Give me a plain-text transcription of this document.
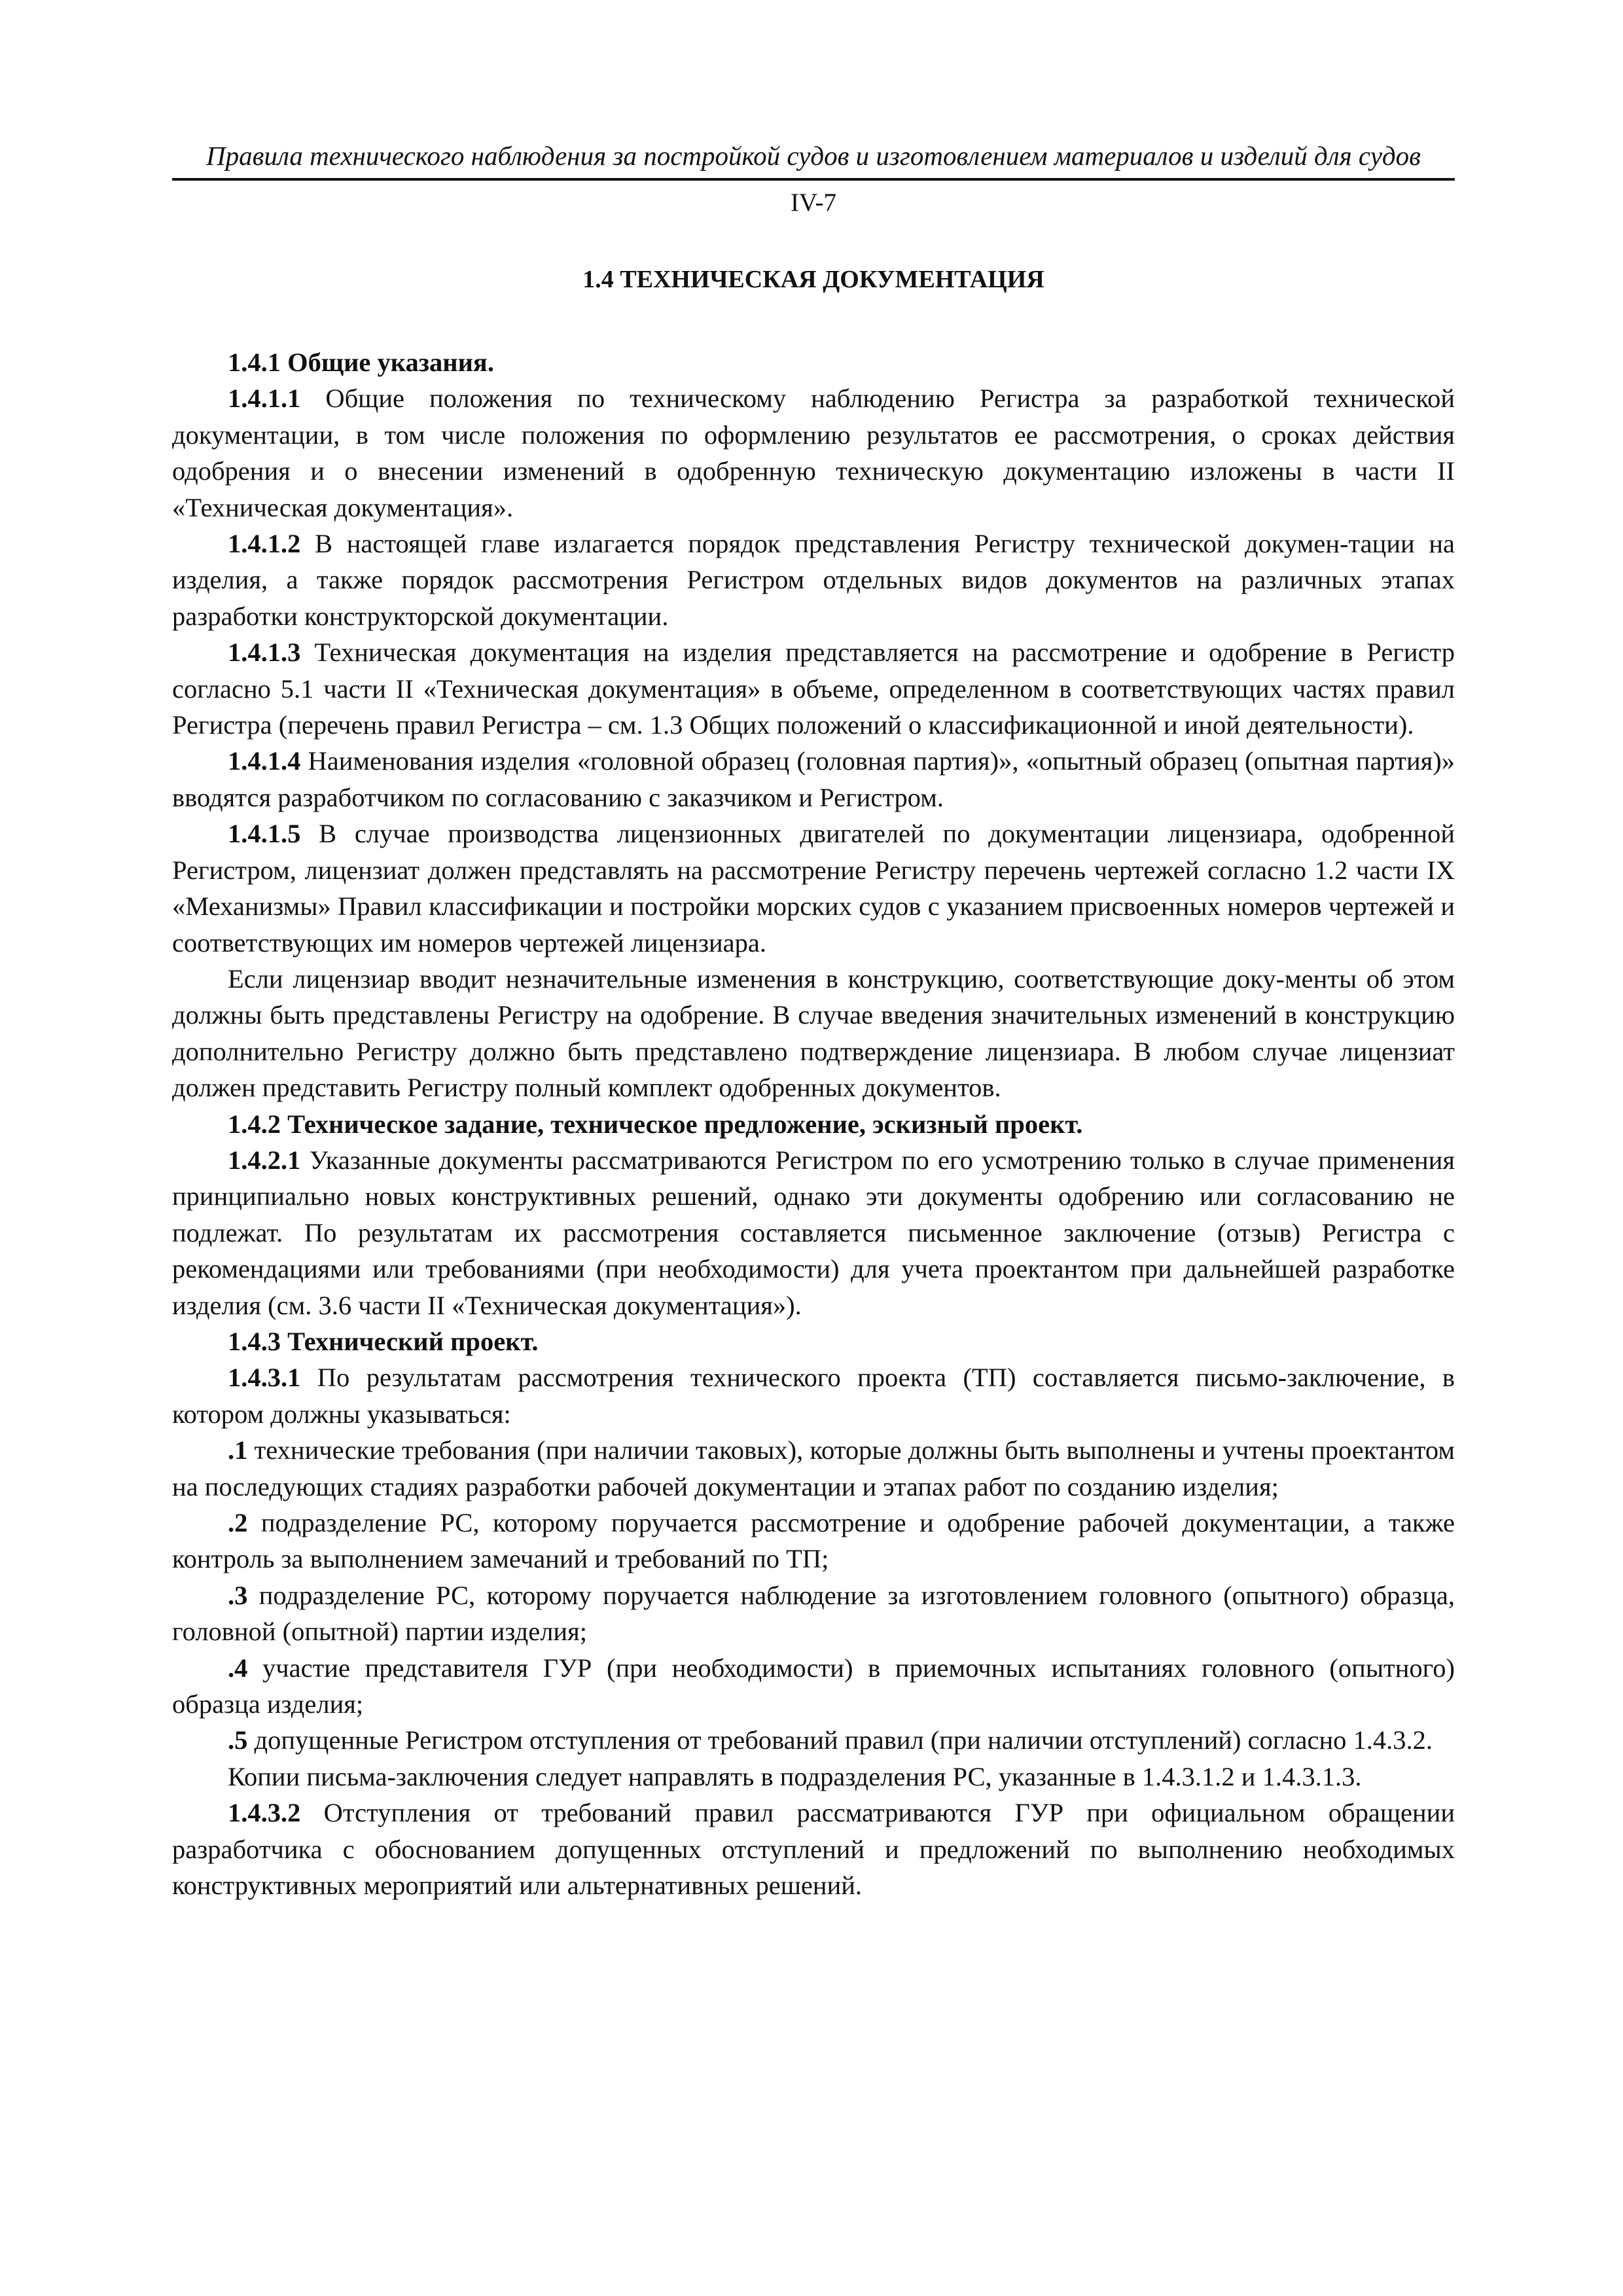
Правила технического наблюдения за постройкой судов и изготовлением материалов и изделий для судов
IV-7
1.4 ТЕХНИЧЕСКАЯ ДОКУМЕНТАЦИЯ

1.4.1 Общие указания.

1.4.1.1 Общие положения по техническому наблюдению Регистра за разработкой технической документации, в том числе положения по оформлению результатов ее рассмотрения, о сроках действия одобрения и о внесении изменений в одобренную техническую документацию изложены в части II «Техническая документация».

1.4.1.2 В настоящей главе излагается порядок представления Регистру технической докумен-тации на изделия, а также порядок рассмотрения Регистром отдельных видов документов на различных этапах разработки конструкторской документации.

1.4.1.3 Техническая документация на изделия представляется на рассмотрение и одобрение в Регистр согласно 5.1 части II «Техническая документация» в объеме, определенном в соответствующих частях правил Регистра (перечень правил Регистра – см. 1.3 Общих положений о классификационной и иной деятельности).

1.4.1.4 Наименования изделия «головной образец (головная партия)», «опытный образец (опытная партия)» вводятся разработчиком по согласованию с заказчиком и Регистром.

1.4.1.5 В случае производства лицензионных двигателей по документации лицензиара, одобренной Регистром, лицензиат должен представлять на рассмотрение Регистру перечень чертежей согласно 1.2 части IX «Механизмы» Правил классификации и постройки морских судов с указанием присвоенных номеров чертежей и соответствующих им номеров чертежей лицензиара.

Если лицензиар вводит незначительные изменения в конструкцию, соответствующие доку-менты об этом должны быть представлены Регистру на одобрение. В случае введения значительных изменений в конструкцию дополнительно Регистру должно быть представлено подтверждение лицензиара. В любом случае лицензиат должен представить Регистру полный комплект одобренных документов.

1.4.2 Техническое задание, техническое предложение, эскизный проект.

1.4.2.1 Указанные документы рассматриваются Регистром по его усмотрению только в случае применения принципиально новых конструктивных решений, однако эти документы одобрению или согласованию не подлежат. По результатам их рассмотрения составляется письменное заключение (отзыв) Регистра с рекомендациями или требованиями (при необходимости) для учета проектантом при дальнейшей разработке изделия (см. 3.6 части II «Техническая документация»).

1.4.3 Технический проект.

1.4.3.1 По результатам рассмотрения технического проекта (ТП) составляется письмо-заключение, в котором должны указываться:

.1 технические требования (при наличии таковых), которые должны быть выполнены и учтены проектантом на последующих стадиях разработки рабочей документации и этапах работ по созданию изделия;

.2 подразделение РС, которому поручается рассмотрение и одобрение рабочей документации, а также контроль за выполнением замечаний и требований по ТП;

.3 подразделение РС, которому поручается наблюдение за изготовлением головного (опытного) образца, головной (опытной) партии изделия;

.4 участие представителя ГУР (при необходимости) в приемочных испытаниях головного (опытного) образца изделия;

.5 допущенные Регистром отступления от требований правил (при наличии отступлений) согласно 1.4.3.2.

Копии письма-заключения следует направлять в подразделения РС, указанные в 1.4.3.1.2 и 1.4.3.1.3.

1.4.3.2 Отступления от требований правил рассматриваются ГУР при официальном обращении разработчика с обоснованием допущенных отступлений и предложений по выполнению необходимых конструктивных мероприятий или альтернативных решений.
